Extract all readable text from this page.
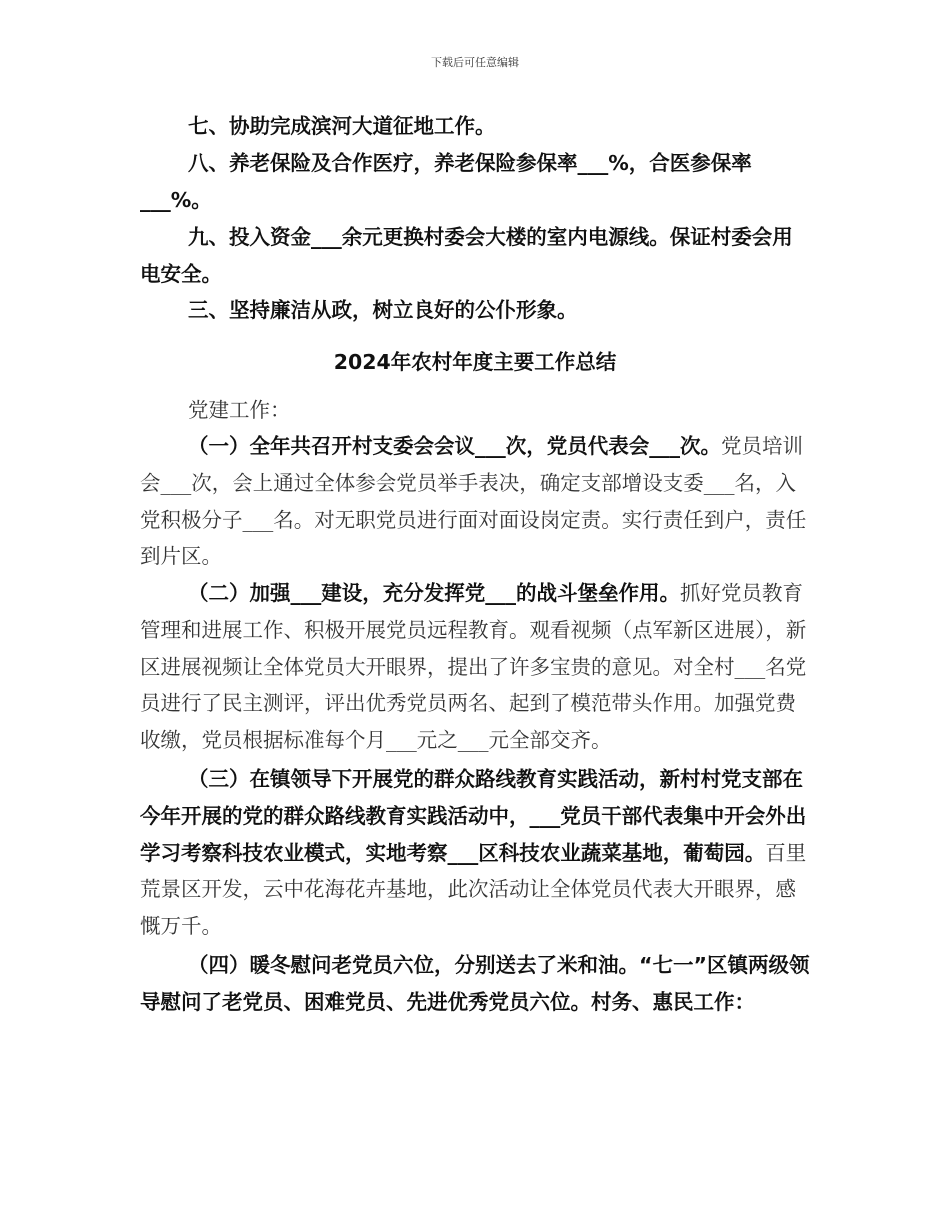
下载后可任意编辑

七、协助完成滨河大道征地工作。

八、养老保险及合作医疗，养老保险参保率___%，合医参保率___%。

九、投入资金___余元更换村委会大楼的室内电源线。保证村委会用电安全。

三、坚持廉洁从政，树立良好的公仆形象。

2024年农村年度主要工作总结

党建工作：

（一）全年共召开村支委会会议___次，党员代表会___次。党员培训会___次，会上通过全体参会党员举手表决，确定支部增设支委___名，入党积极分子___名。对无职党员进行面对面设岗定责。实行责任到户，责任到片区。

（二）加强___建设，充分发挥党___的战斗堡垒作用。抓好党员教育管理和进展工作、积极开展党员远程教育。观看视频（点军新区进展），新区进展视频让全体党员大开眼界，提出了许多宝贵的意见。对全村___名党员进行了民主测评，评出优秀党员两名、起到了模范带头作用。加强党费收缴，党员根据标准每个月___元之___元全部交齐。

（三）在镇领导下开展党的群众路线教育实践活动，新村村党支部在今年开展的党的群众路线教育实践活动中，___党员干部代表集中开会外出学习考察科技农业模式，实地考察___区科技农业蔬菜基地，葡萄园。百里荒景区开发，云中花海花卉基地，此次活动让全体党员代表大开眼界，感慨万千。

（四）暖冬慰问老党员六位，分别送去了米和油。“七一”区镇两级领导慰问了老党员、困难党员、先进优秀党员六位。村务、惠民工作：
